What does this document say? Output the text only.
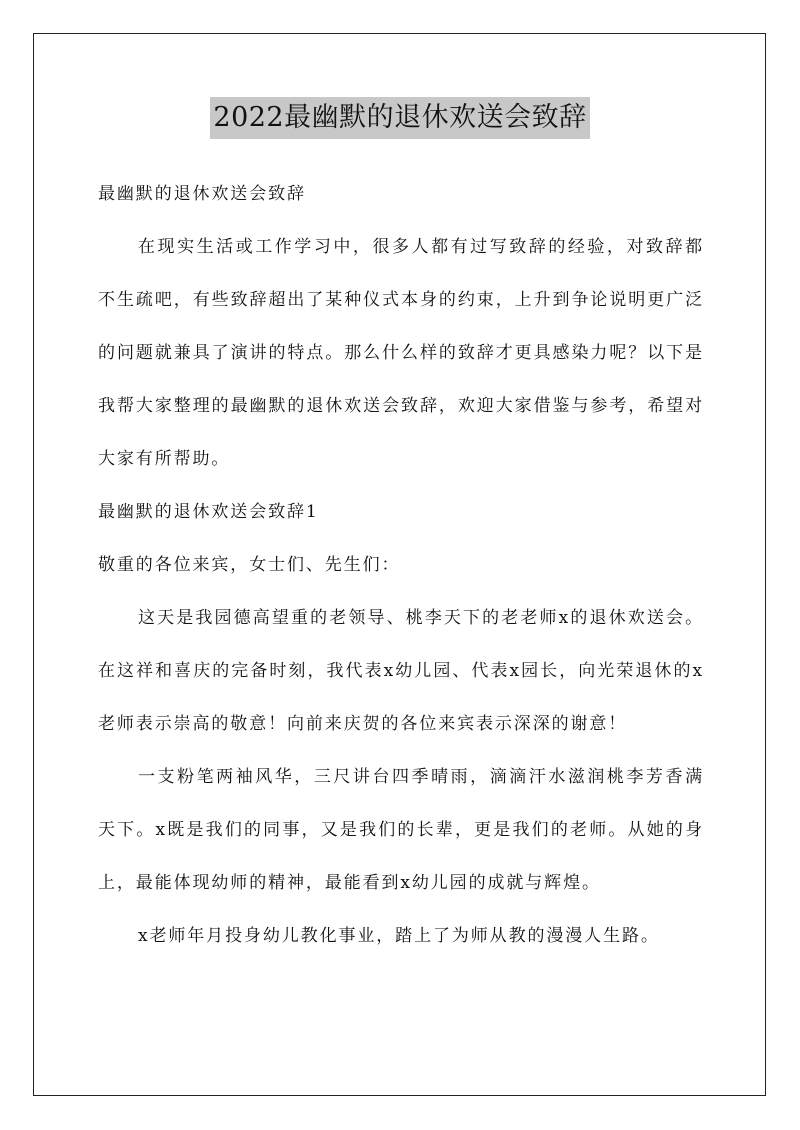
2022最幽默的退休欢送会致辞

最幽默的退休欢送会致辞

在现实生活或工作学习中，很多人都有过写致辞的经验，对致辞都不生疏吧，有些致辞超出了某种仪式本身的约束，上升到争论说明更广泛的问题就兼具了演讲的特点。那么什么样的致辞才更具感染力呢？以下是我帮大家整理的最幽默的退休欢送会致辞，欢迎大家借鉴与参考，希望对大家有所帮助。

最幽默的退休欢送会致辞1

敬重的各位来宾，女士们、先生们：

这天是我园德高望重的老领导、桃李天下的老老师x的退休欢送会。在这祥和喜庆的完备时刻，我代表x幼儿园、代表x园长，向光荣退休的x老师表示崇高的敬意！向前来庆贺的各位来宾表示深深的谢意！

一支粉笔两袖风华，三尺讲台四季晴雨，滴滴汗水滋润桃李芳香满天下。x既是我们的同事，又是我们的长辈，更是我们的老师。从她的身上，最能体现幼师的精神，最能看到x幼儿园的成就与辉煌。

x老师年月投身幼儿教化事业，踏上了为师从教的漫漫人生路。
